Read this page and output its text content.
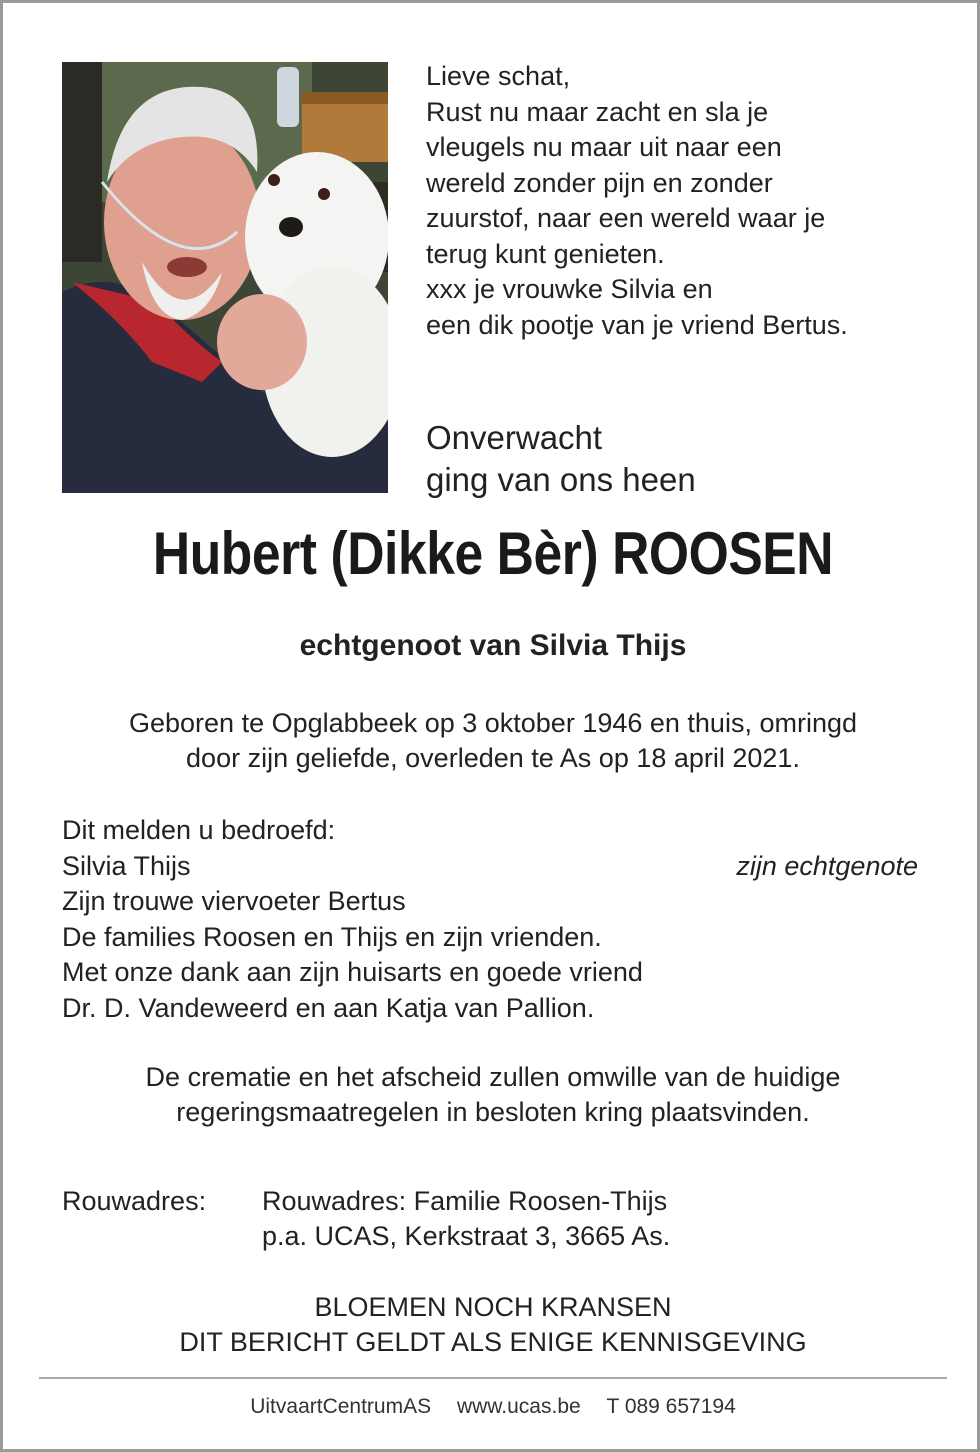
Lieve schat,
Rust nu maar zacht en sla je
vleugels nu maar uit naar een
wereld zonder pijn en zonder
zuurstof, naar een wereld waar je
terug kunt genieten.
xxx je vrouwke Silvia en
een dik pootje van je vriend Bertus.
Onverwacht
ging van ons heen
Hubert (Dikke Bèr) ROOSEN
echtgenoot van Silvia Thijs
Geboren te Opglabbeek op 3 oktober 1946 en thuis, omringd
door zijn geliefde, overleden te As op 18 april 2021.
Dit melden u bedroefd:
Silvia Thijs	zijn echtgenote
Zijn trouwe viervoeter Bertus
De families Roosen en Thijs en zijn vrienden.
Met onze dank aan zijn huisarts en goede vriend
Dr. D. Vandeweerd en aan Katja van Pallion.
De crematie en het afscheid zullen omwille van de huidige
regeringsmaatregelen in besloten kring plaatsvinden.
Rouwadres: Rouwadres: Familie Roosen-Thijs
p.a. UCAS, Kerkstraat 3, 3665 As.
BLOEMEN NOCH KRANSEN
DIT BERICHT GELDT ALS ENIGE KENNISGEVING
UitvaartCentrumAS www.ucas.be T 089 657194
